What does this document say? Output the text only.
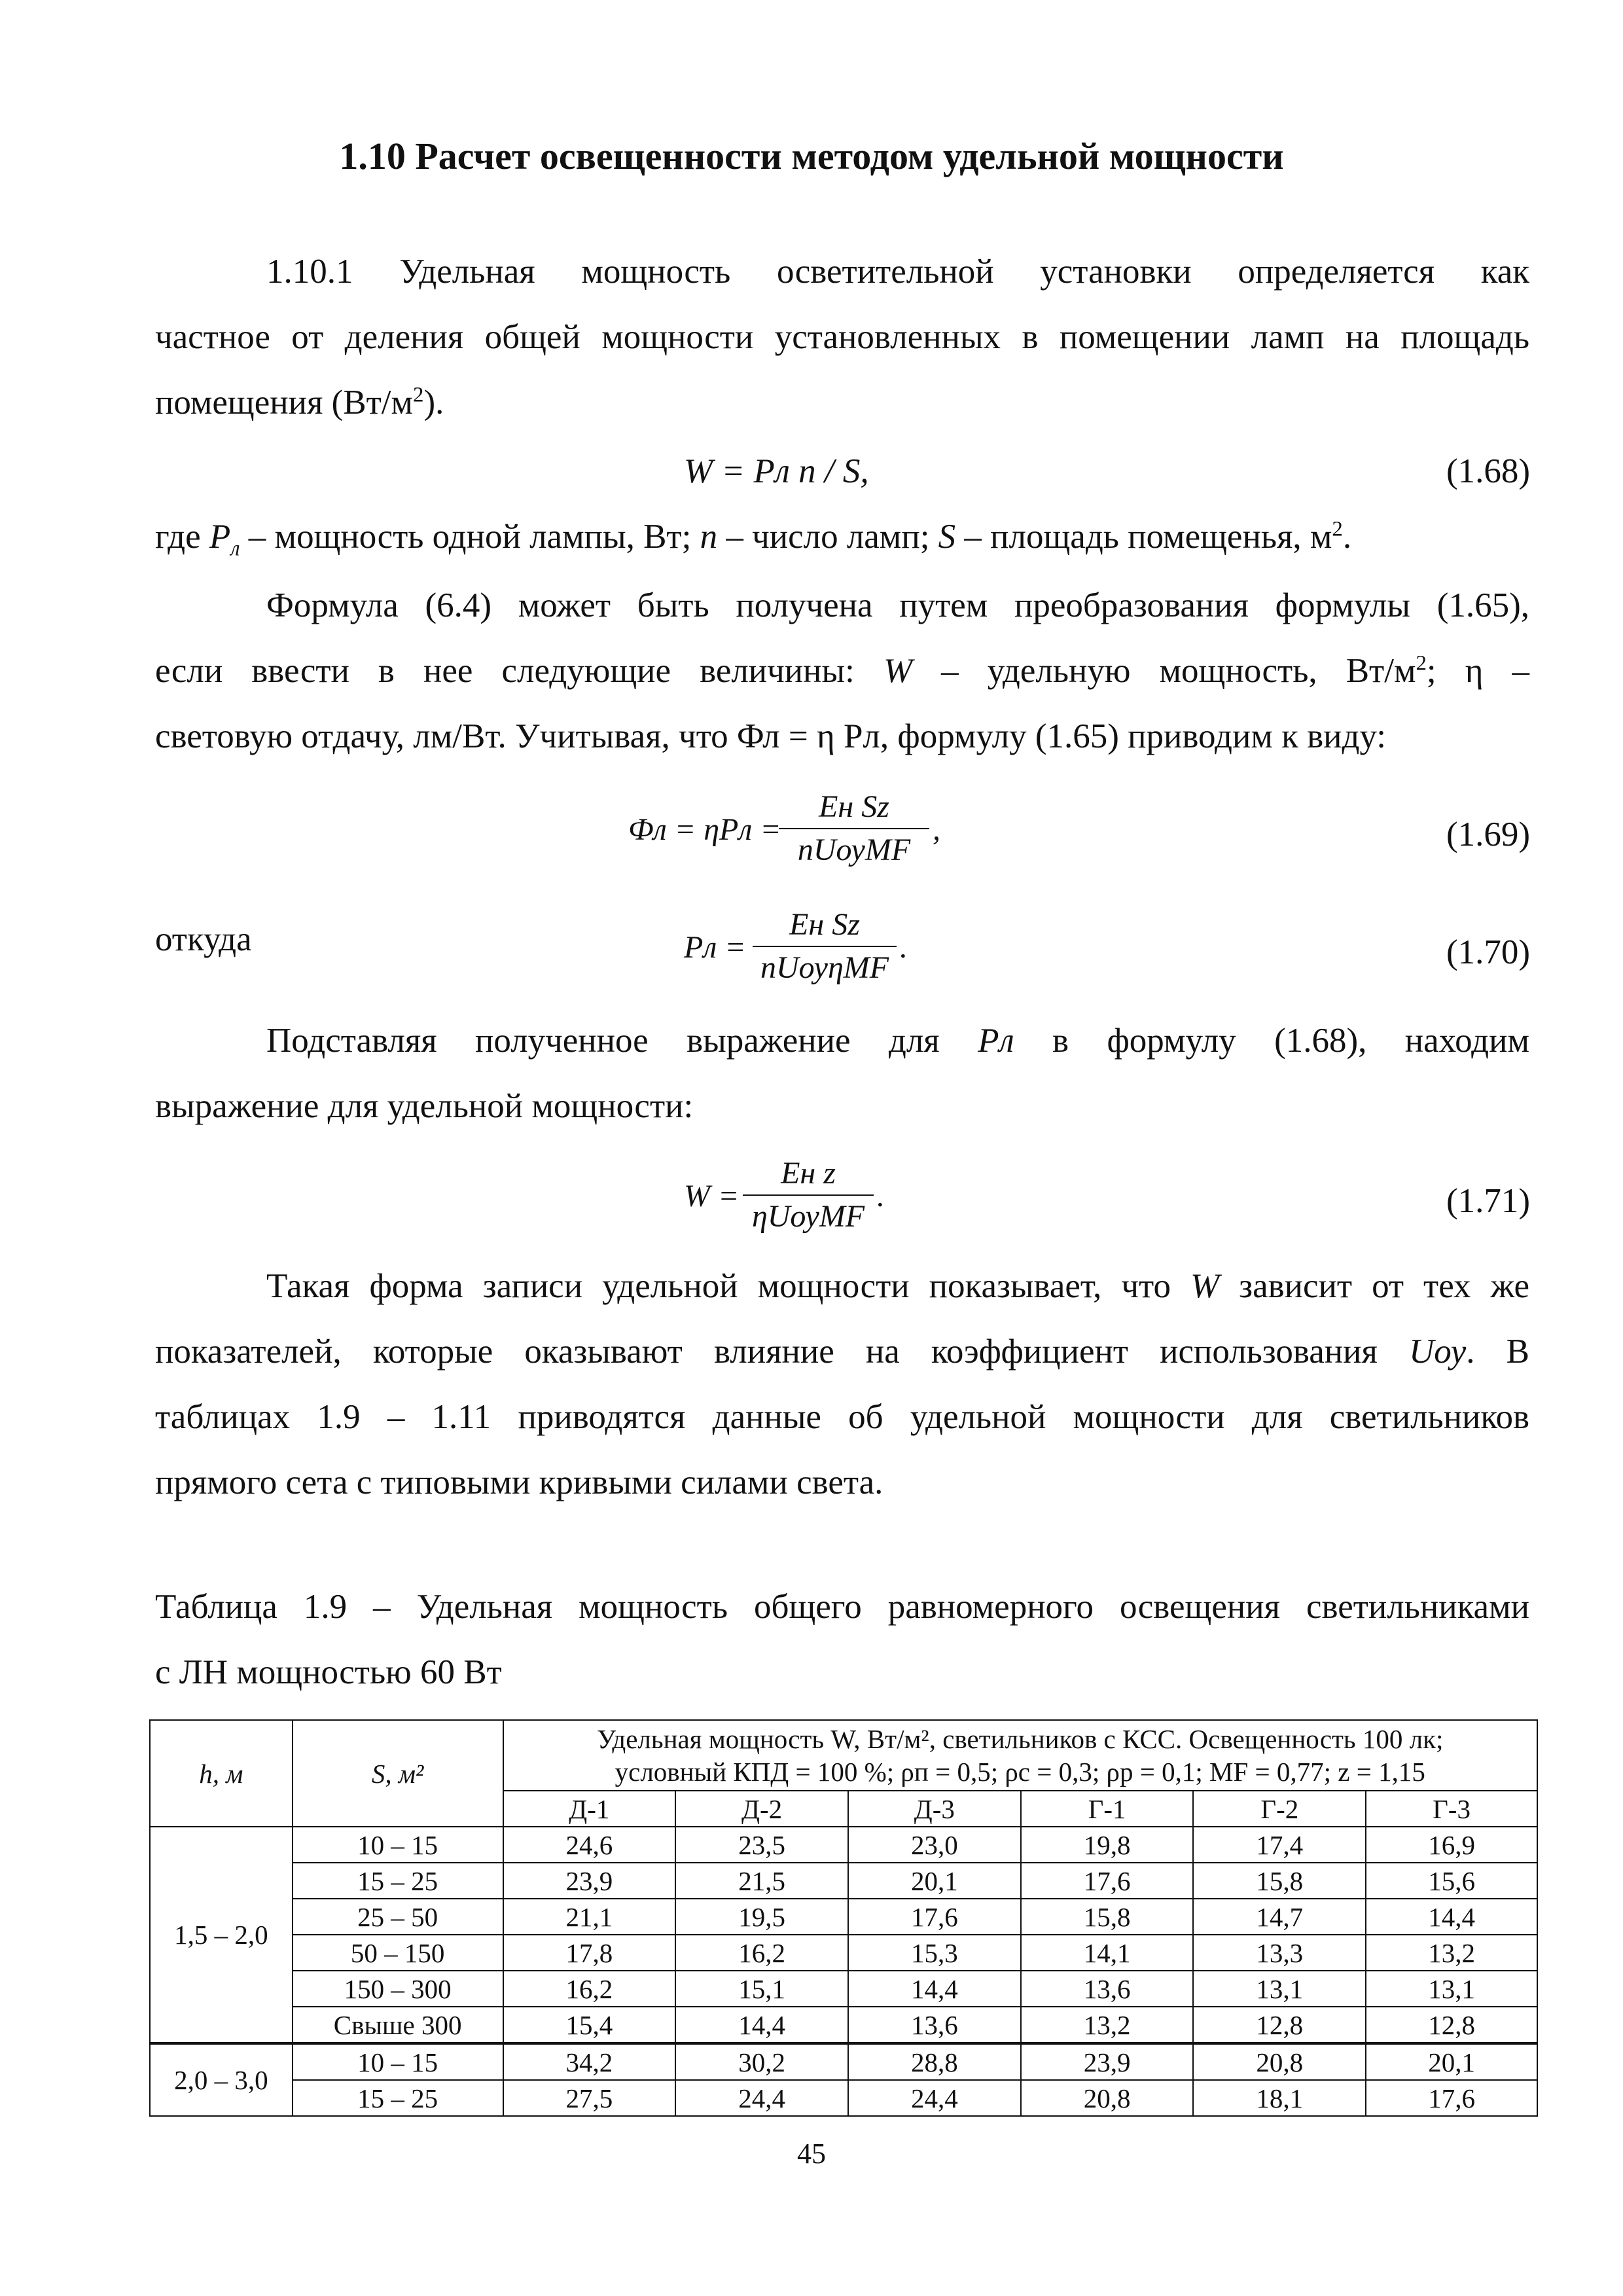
1.10 Расчет освещенности методом удельной мощности
1.10.1 Удельная мощность осветительной установки определяется как
частное от деления общей мощности установленных в помещении ламп на площадь
помещения $(Вт/м^2)$.
W = Pл n / S,	(1.68)
где $P_л$ – мощность одной лампы, Вт; n – число ламп; S – площадь помещенья, $м^2$.
Формула (6.4) может быть получена путем преобразования формулы (1.65),
если ввести в нее следующие величины: W – удельную мощность, $Вт/м^2$; η –
световую отдачу, лм/Вт. Учитывая, что Фл = η Рл, формулу (1.65) приводим к виду:
Фл = ηPл =
Eн Sz
nUоуMF
,	(1.69)
откуда	Pл =
Eн Sz
nUоуηMF
.	(1.70)
Подставляя полученное выражение для Pл в формулу (1.68), находим
выражение для удельной мощности:
W =
Eн z
ηUоуMF
.	(1.71)
Такая форма записи удельной мощности показывает, что W зависит от тех же
показателей, которые оказывают влияние на коэффициент использования Uоу. В
таблицах 1.9 – 1.11 приводятся данные об удельной мощности для светильников
прямого сета с типовыми кривыми силами света.
Таблица 1.9 – Удельная мощность общего равномерного освещения светильниками
с ЛН мощностью 60 Вт
h, м	S, м²	Удельная мощность W, Вт/м², светильников с КСС. Освещенность 100 лк;
условный КПД = 100 %; ρп = 0,5; ρс = 0,3; ρр = 0,1; MF = 0,77; z = 1,15					

		Д-1	Д-2	Д-3	Г-1	Г-2	Г-3
1,5 – 2,0	10 – 15	24,6	23,5	23,0	19,8	17,4	16,9
	15 – 25	23,9	21,5	20,1	17,6	15,8	15,6
	25 – 50	21,1	19,5	17,6	15,8	14,7	14,4
	50 – 150	17,8	16,2	15,3	14,1	13,3	13,2
	150 – 300	16,2	15,1	14,4	13,6	13,1	13,1
	Свыше 300	15,4	14,4	13,6	13,2	12,8	12,8
2,0 – 3,0	10 – 15	34,2	30,2	28,8	23,9	20,8	20,1
	15 – 25	27,5	24,4	24,4	20,8	18,1	17,6
45
